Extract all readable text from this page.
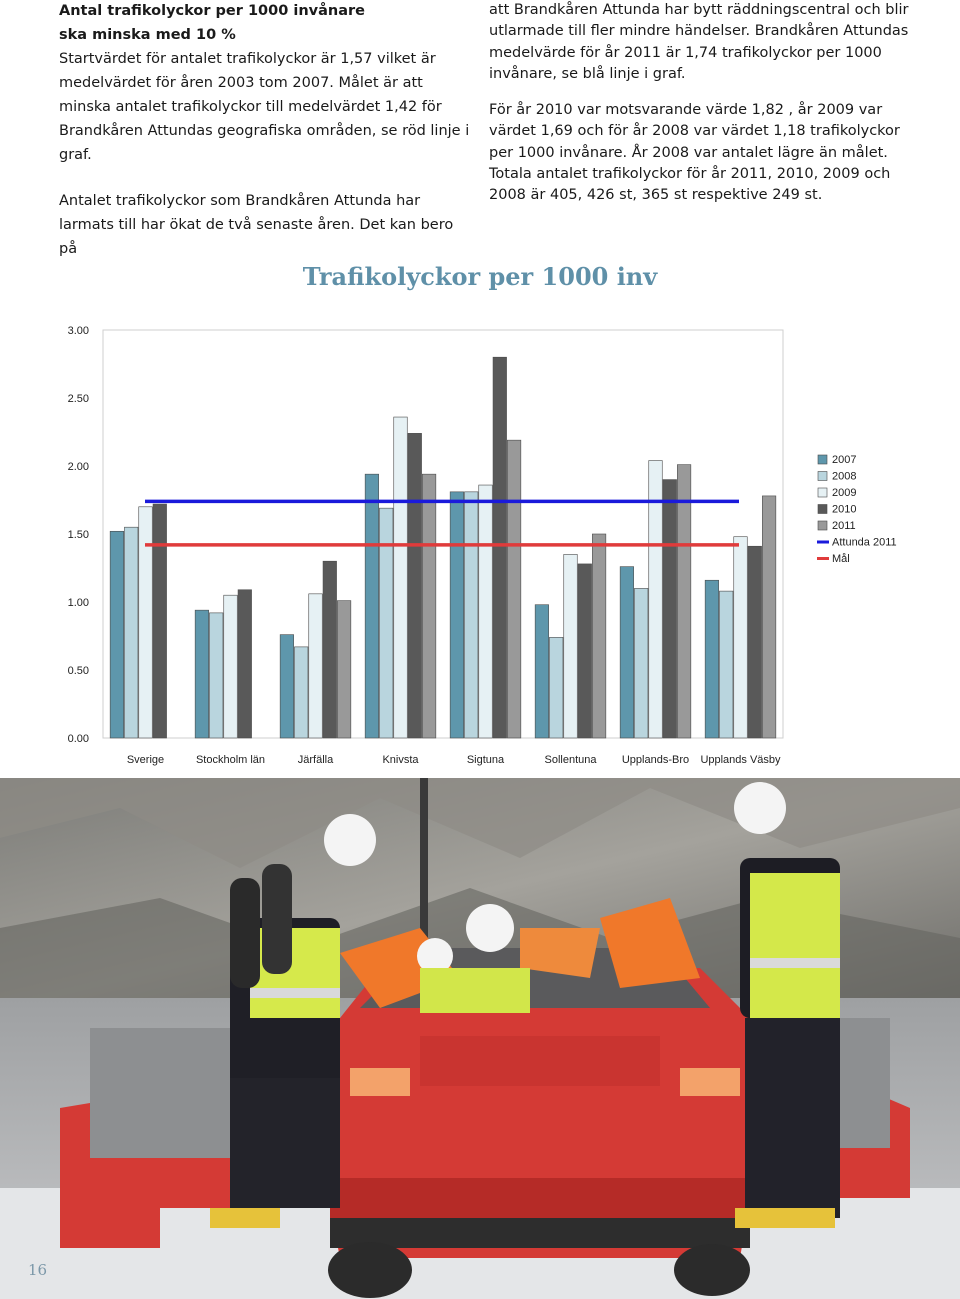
Antal trafikolyckor per 1000 invånare
ska minska med 10 %

Startvärdet för antalet trafikolyckor är 1,57 vilket är medelvärdet för åren 2003 tom 2007. Målet är att minska antalet trafikolyckor till medelvärdet 1,42 för Brandkåren Attundas geografiska områden, se röd linje i graf.

Antalet trafikolyckor som Brandkåren Attunda har larmats till har ökat de två senaste åren. Det kan bero på

att Brandkåren Attunda har bytt räddningscentral och blir utlarmade till fler mindre händelser. Brandkåren Attundas medelvärde för år 2011 är 1,74 trafikolyckor per 1000 invånare, se blå linje i graf.

För år 2010 var motsvarande värde 1,82 , år 2009 var värdet 1,69 och för år 2008 var värdet 1,18 trafikolyckor per 1000 invånare. År 2008 var antalet lägre än målet. Totala antalet trafikolyckor för år 2011, 2010, 2009 och 2008 är 405, 426 st, 365 st respektive 249 st.

Trafikolyckor per 1000 inv
0.00
0.50
1.00
1.50
2.00
2.50
3.00
Sverige	Stockholm län	Järfälla	Knivsta	Sigtuna	Sollentuna Upplands-Bro Upplands Väsby
2007
2008
2009
2010
2011
Attunda 2011
Mål
16
